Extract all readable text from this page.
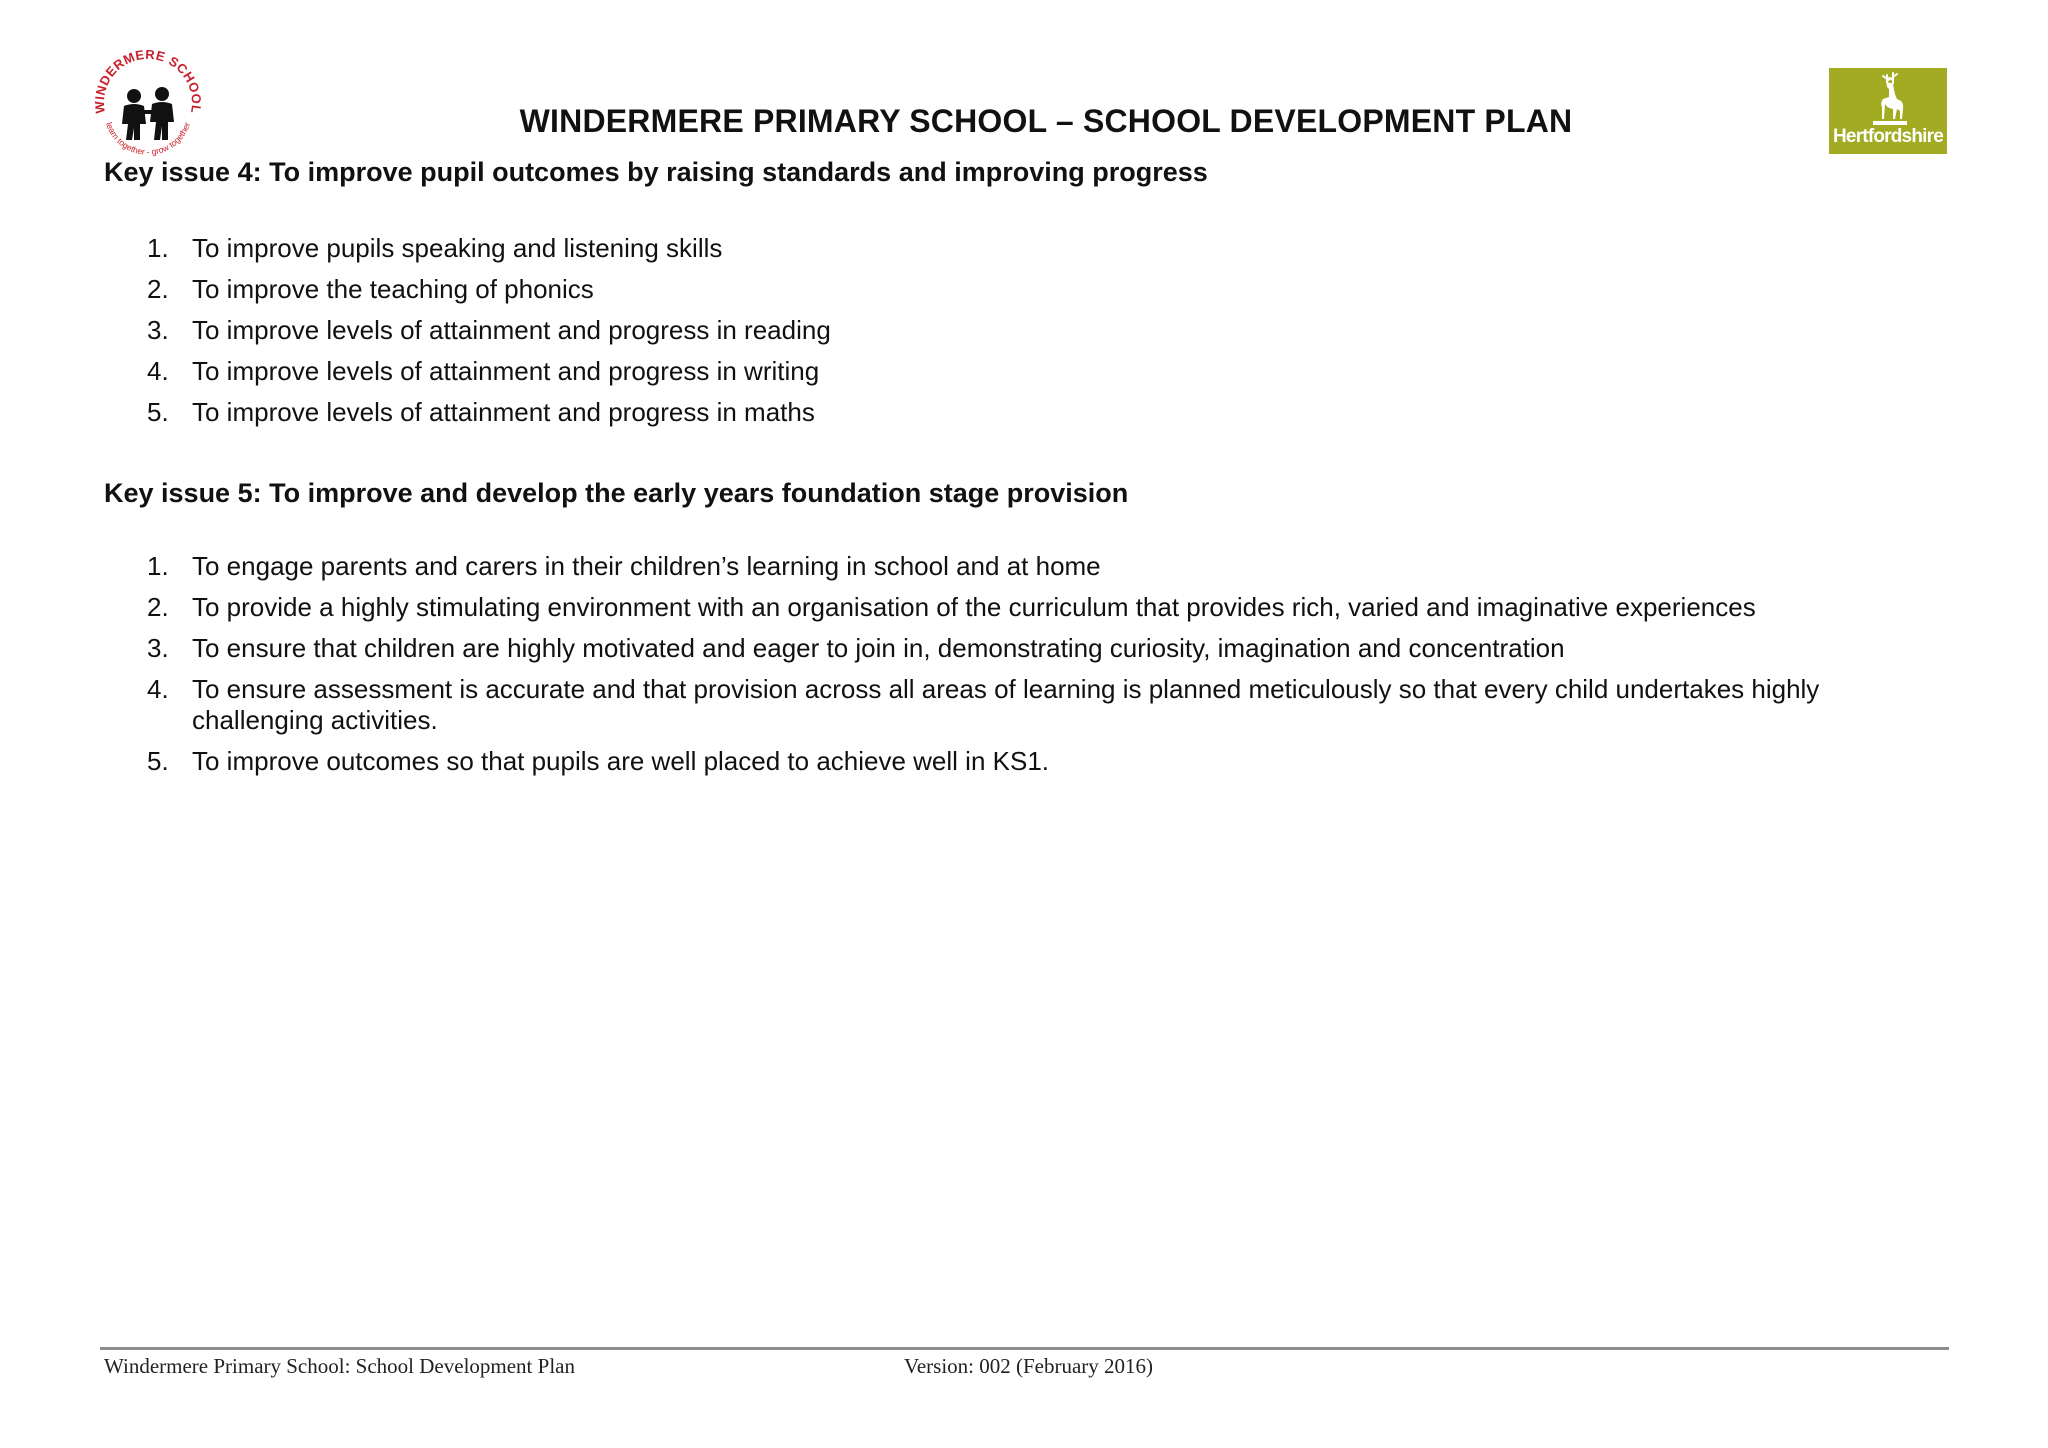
WINDERMERE SCHOOL
learn together - grow together
Hertfordshire
WINDERMERE PRIMARY SCHOOL – SCHOOL DEVELOPMENT PLAN
Key issue 4: To improve pupil outcomes by raising standards and improving progress
1. To improve pupils speaking and listening skills
2. To improve the teaching of phonics
3. To improve levels of attainment and progress in reading
4. To improve levels of attainment and progress in writing
5. To improve levels of attainment and progress in maths
Key issue 5: To improve and develop the early years foundation stage provision
1. To engage parents and carers in their children’s learning in school and at home
2. To provide a highly stimulating environment with an organisation of the curriculum that provides rich, varied and imaginative experiences
3. To ensure that children are highly motivated and eager to join in, demonstrating curiosity, imagination and concentration
4. To ensure assessment is accurate and that provision across all areas of learning is planned meticulously so that every child undertakes highly challenging activities.
5. To improve outcomes so that pupils are well placed to achieve well in KS1.
Windermere Primary School: School Development Plan	Version: 002 (February 2016)
